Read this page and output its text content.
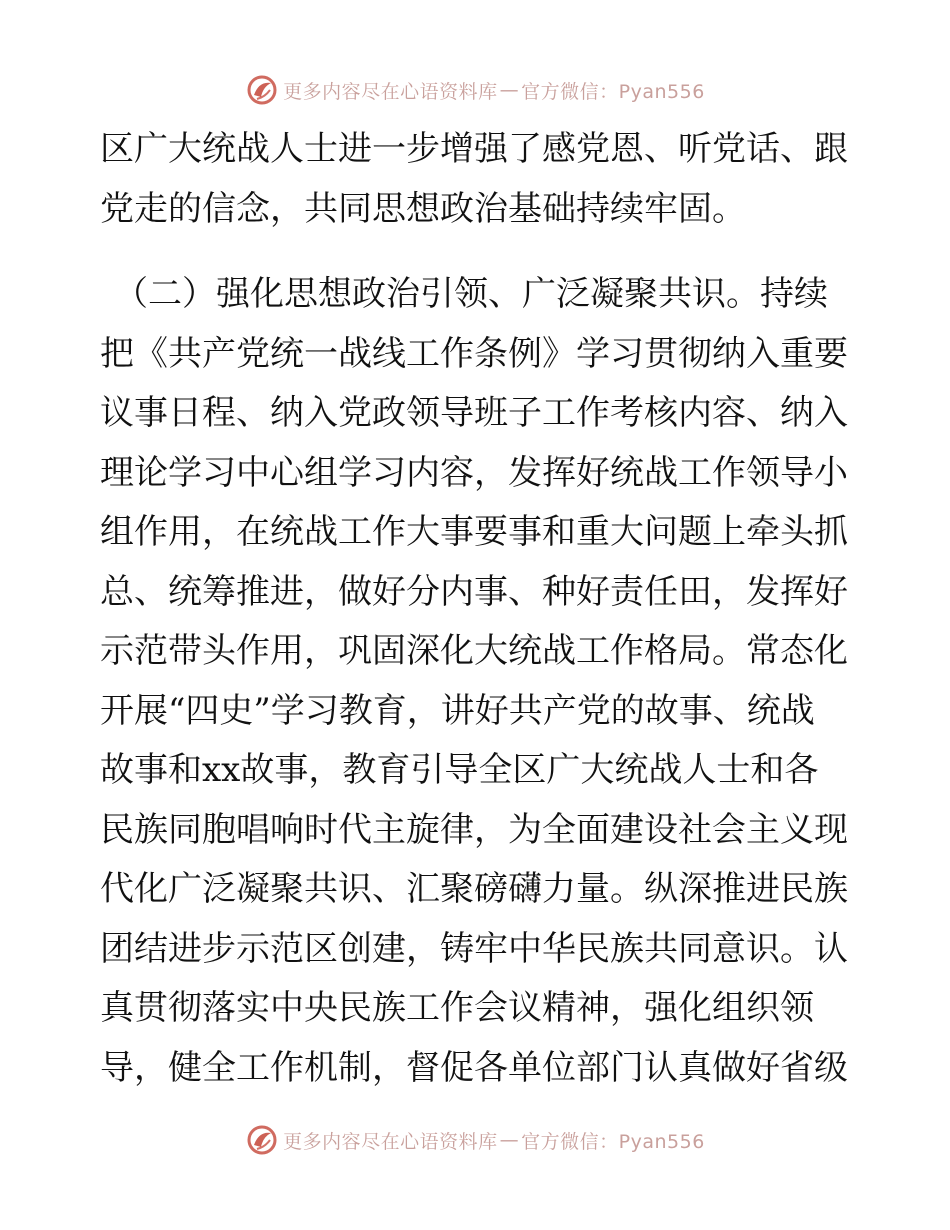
更多内容尽在心语资料库 — 官方微信：Pyan556
区广大统战人士进一步增强了感党恩、听党话、跟
党走的信念，共同思想政治基础持续牢固。
（二）强化思想政治引领、广泛凝聚共识。持续
把《共产党统一战线工作条例》学习贯彻纳入重要
议事日程、纳入党政领导班子工作考核内容、纳入
理论学习中心组学习内容，发挥好统战工作领导小
组作用，在统战工作大事要事和重大问题上牵头抓
总、统筹推进，做好分内事、种好责任田，发挥好
示范带头作用，巩固深化大统战工作格局。常态化
开展“四史”学习教育，讲好共产党的故事、统战
故事和xx故事，教育引导全区广大统战人士和各
民族同胞唱响时代主旋律，为全面建设社会主义现
代化广泛凝聚共识、汇聚磅礴力量。纵深推进民族
团结进步示范区创建，铸牢中华民族共同意识。认
真贯彻落实中央民族工作会议精神，强化组织领
导，健全工作机制，督促各单位部门认真做好省级
更多内容尽在心语资料库 — 官方微信：Pyan556
